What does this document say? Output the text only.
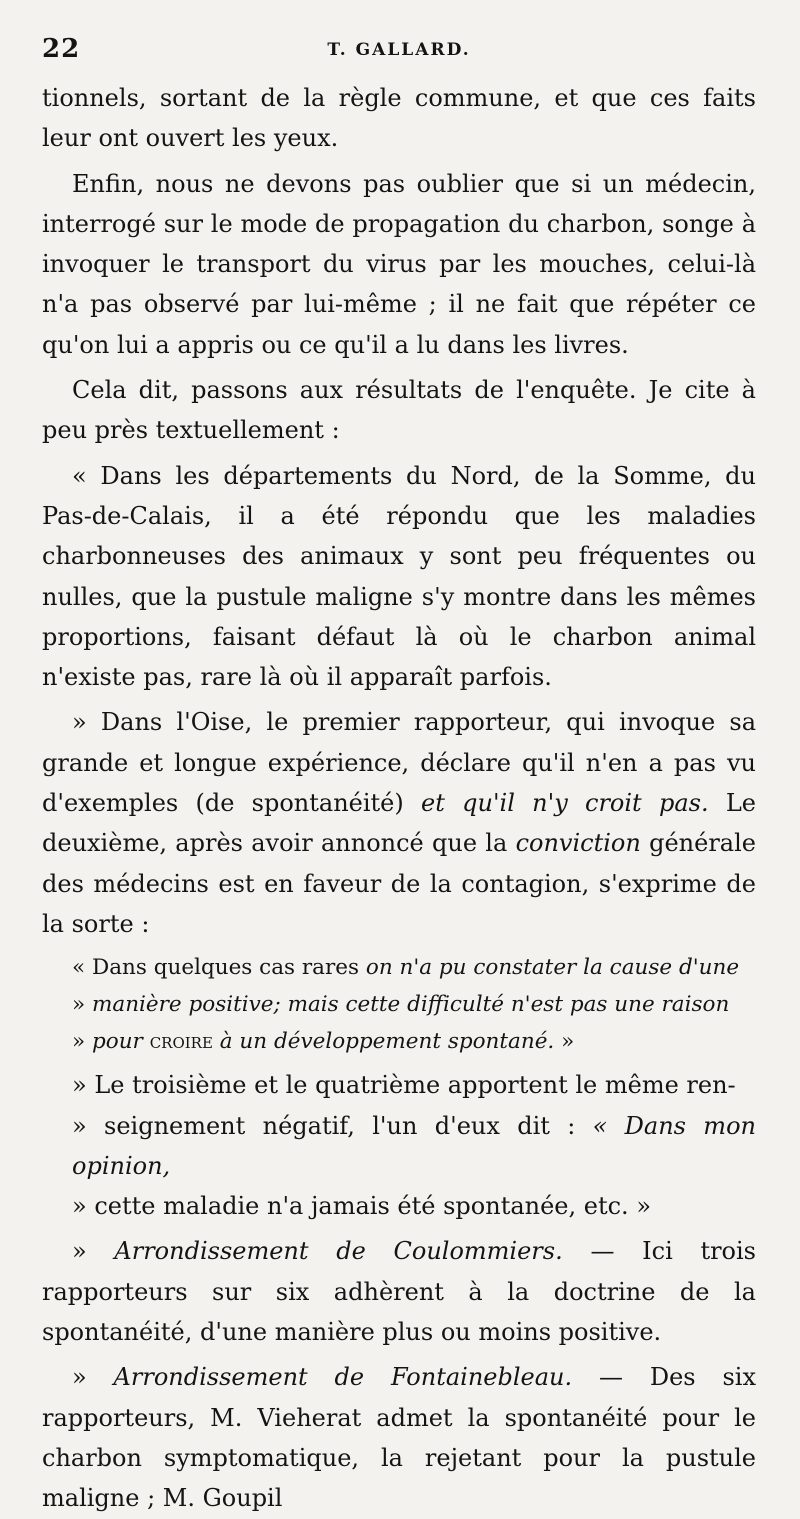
22	T. GALLARD.

tionnels, sortant de la règle commune, et que ces faits leur ont ouvert les yeux.

Enfin, nous ne devons pas oublier que si un médecin, interrogé sur le mode de propagation du charbon, songe à invoquer le transport du virus par les mouches, celui-là n'a pas observé par lui-même ; il ne fait que répéter ce qu'on lui a appris ou ce qu'il a lu dans les livres.

Cela dit, passons aux résultats de l'enquête. Je cite à peu près textuellement :

« Dans les départements du Nord, de la Somme, du Pas-de-Calais, il a été répondu que les maladies charbonneuses des animaux y sont peu fréquentes ou nulles, que la pustule maligne s'y montre dans les mêmes proportions, faisant défaut là où le charbon animal n'existe pas, rare là où il apparaît parfois.

» Dans l'Oise, le premier rapporteur, qui invoque sa grande et longue expérience, déclare qu'il n'en a pas vu d'exemples (de spontanéité) et qu'il n'y croit pas. Le deuxième, après avoir annoncé que la conviction générale des médecins est en faveur de la contagion, s'exprime de la sorte :

« Dans quelques cas rares on n'a pu constater la cause d'une
» manière positive; mais cette difficulté n'est pas une raison
» pour croire à un développement spontané. »
» Le troisième et le quatrième apportent le même ren-
» seignement négatif, l'un d'eux dit : « Dans mon opinion,
» cette maladie n'a jamais été spontanée, etc. »

» Arrondissement de Coulommiers. — Ici trois rapporteurs sur six adhèrent à la doctrine de la spontanéité, d'une manière plus ou moins positive.

» Arrondissement de Fontainebleau. — Des six rapporteurs, M. Vieherat admet la spontanéité pour le charbon symptomatique, la rejetant pour la pustule maligne ; M. Goupil
